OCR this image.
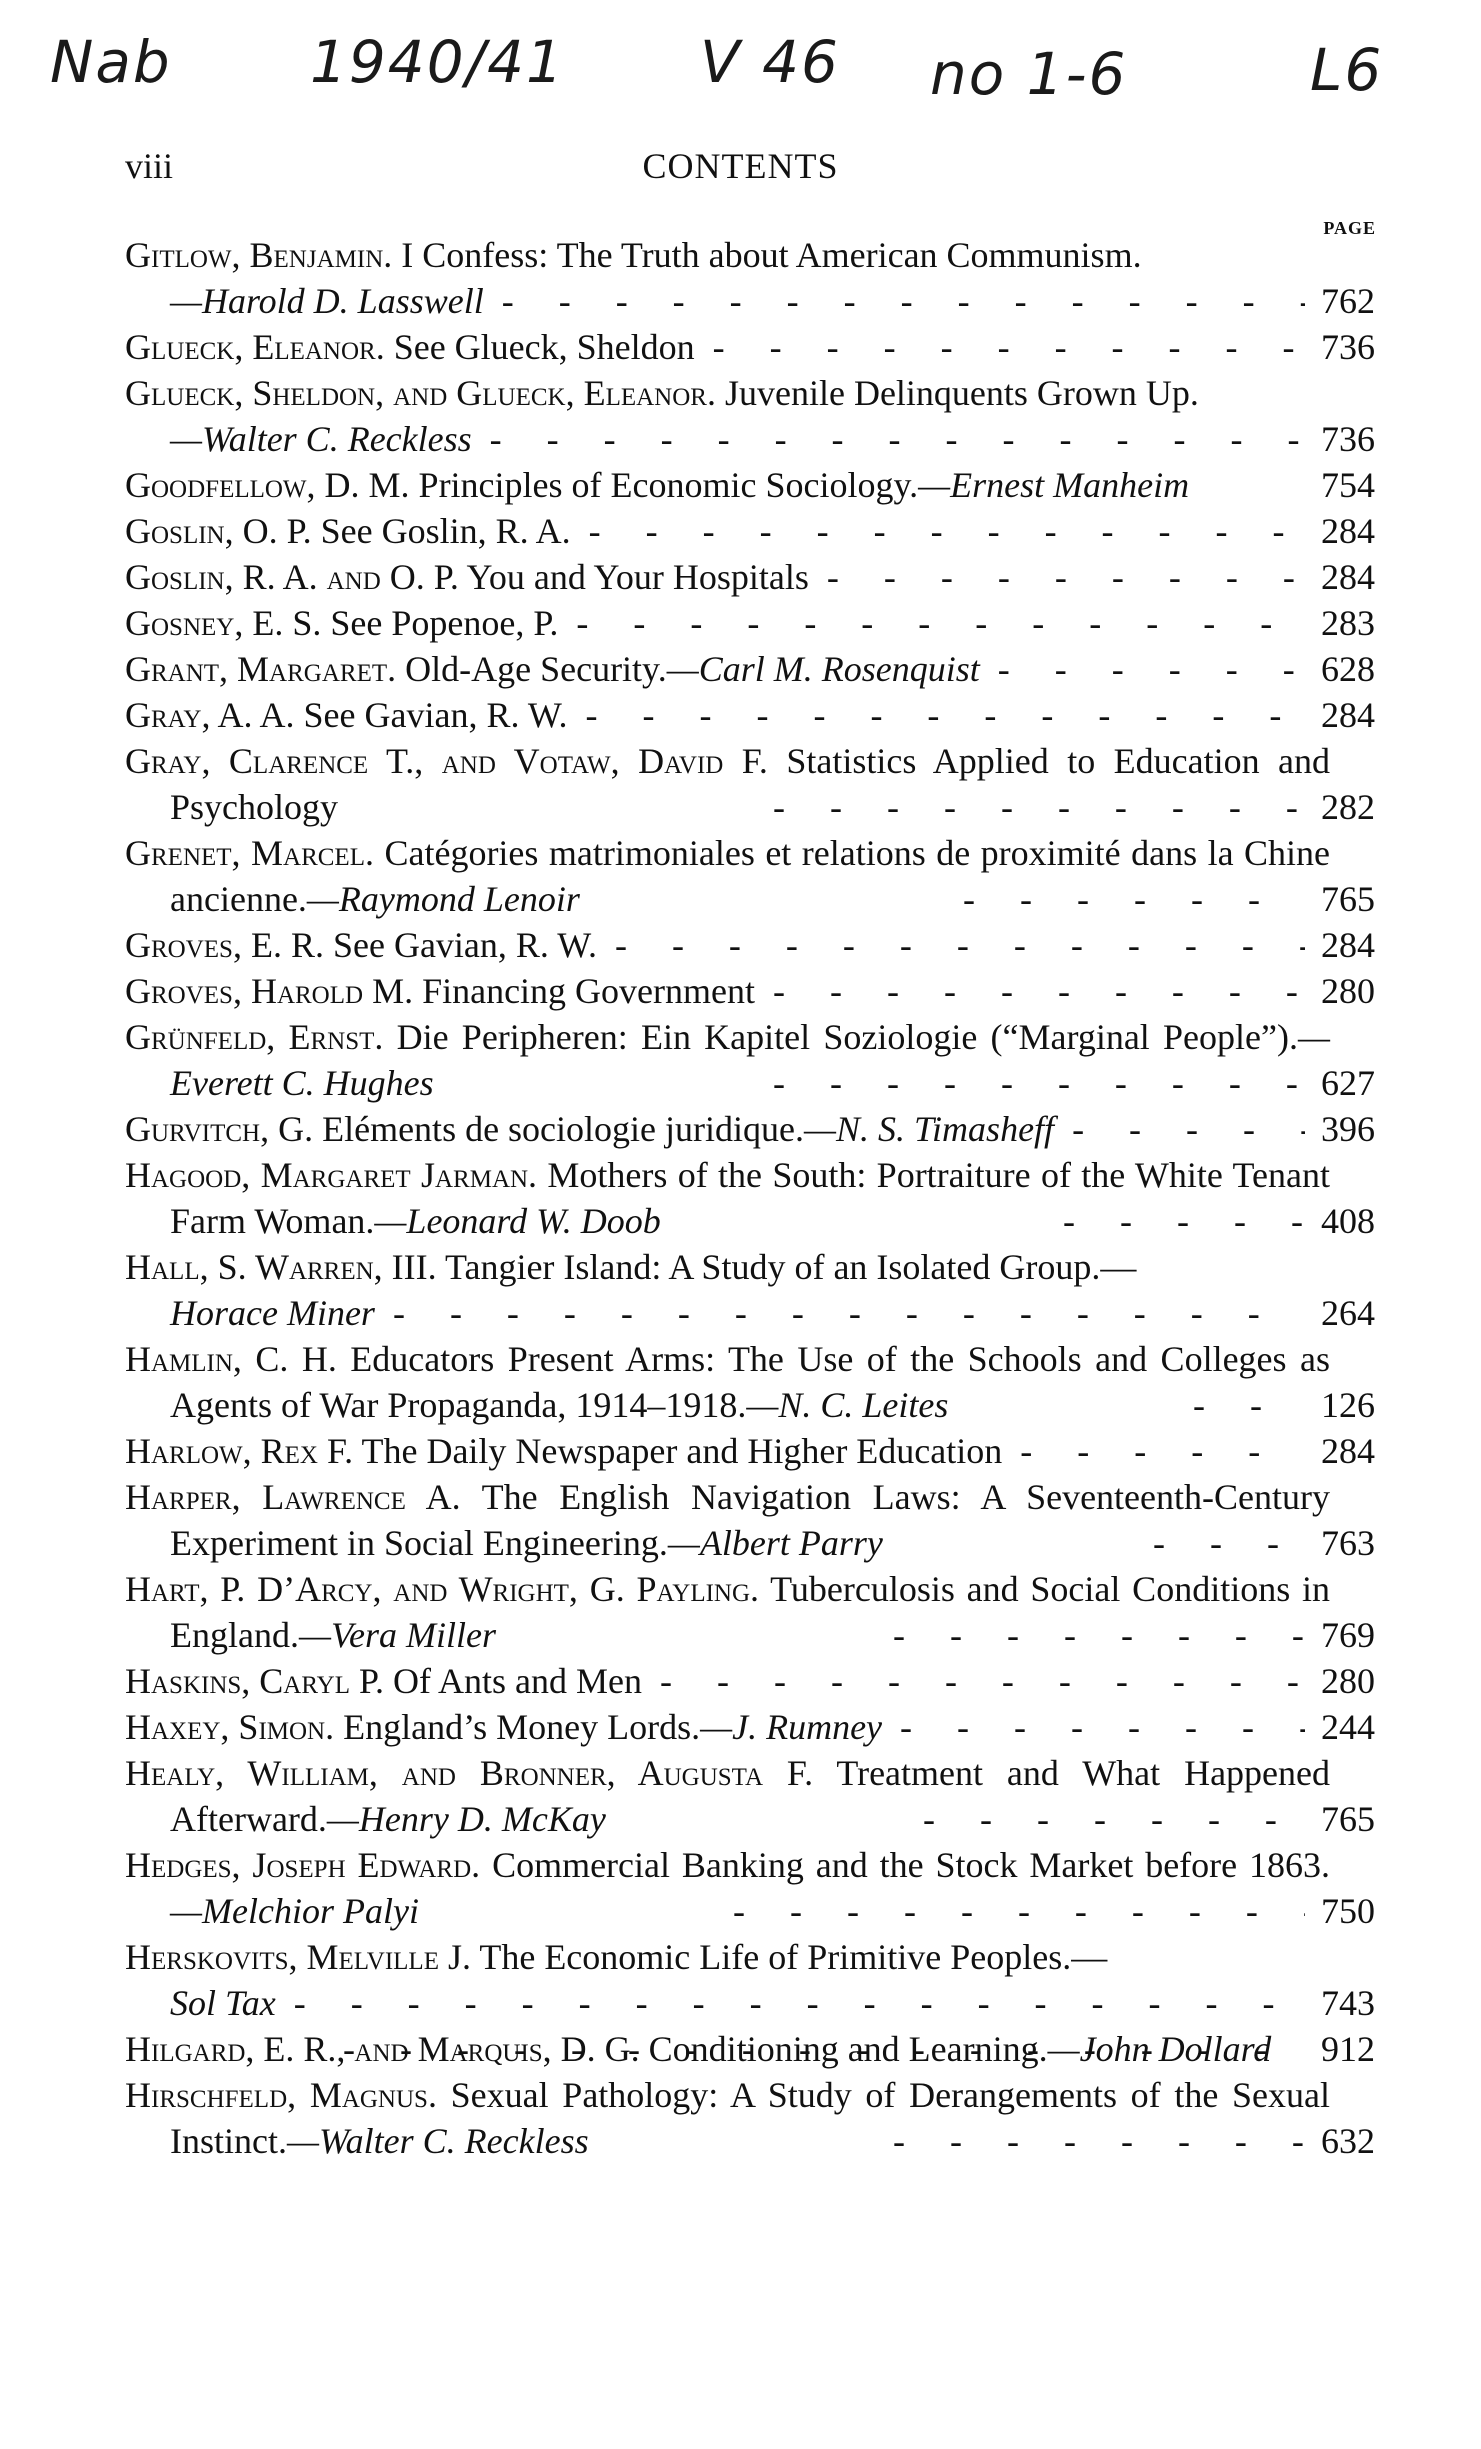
Nab 1940/41 V 46 no 1-6	L6
viii	CONTENTS
PAGE
Gitlow, Benjamin. I Confess: The Truth about American Communism.
—Harold D. Lasswell - - -	762
Glueck, Eleanor. See Glueck, Sheldon - - -	736
Glueck, Sheldon, and Glueck, Eleanor. Juvenile Delinquents Grown Up.
—Walter C. Reckless - - -	736
Goodfellow, D. M. Principles of Economic Sociology.—Ernest Manheim	754
Goslin, O. P. See Goslin, R. A. - - -	284
Goslin, R. A. and O. P. You and Your Hospitals - - -	284
Gosney, E. S. See Popenoe, P. - - -	283
Grant, Margaret. Old-Age Security.—Carl M. Rosenquist - - -	628
Gray, A. A. See Gavian, R. W. - - -	284
Gray, Clarence T., and Votaw, David F. Statistics Applied to Education and Psychology - - -	282
Grenet, Marcel. Catégories matrimoniales et relations de proximité dans la Chine ancienne.—Raymond Lenoir - - -	765
Groves, E. R. See Gavian, R. W. - - -	284
Groves, Harold M. Financing Government - - -	280
Grünfeld, Ernst. Die Peripheren: Ein Kapitel Soziologie (“Marginal People”).—Everett C. Hughes - - -	627
Gurvitch, G. Eléments de sociologie juridique.—N. S. Timasheff - - -	396
Hagood, Margaret Jarman. Mothers of the South: Portraiture of the White Tenant Farm Woman.—Leonard W. Doob - - -	408
Hall, S. Warren, III. Tangier Island: A Study of an Isolated Group.—
Horace Miner - - -	264
Hamlin, C. H. Educators Present Arms: The Use of the Schools and Colleges as Agents of War Propaganda, 1914–1918.—N. C. Leites - - -	126
Harlow, Rex F. The Daily Newspaper and Higher Education - - -	284
Harper, Lawrence A. The English Navigation Laws: A Seventeenth-Century Experiment in Social Engineering.—Albert Parry - - -	763
Hart, P. D’Arcy, and Wright, G. Payling. Tuberculosis and Social Conditions in England.—Vera Miller - - -	769
Haskins, Caryl P. Of Ants and Men - - -	280
Haxey, Simon. England’s Money Lords.—J. Rumney - - -	244
Healy, William, and Bronner, Augusta F. Treatment and What Happened Afterward.—Henry D. McKay - - -	765
Hedges, Joseph Edward. Commercial Banking and the Stock Market before 1863.—Melchior Palyi - - -	750
Herskovits, Melville J. The Economic Life of Primitive Peoples.—
Sol Tax - - -	743
Hilgard, E. R., and Marquis, D. G. Conditioning and Learning.—John Dollard - - -	912
Hirschfeld, Magnus. Sexual Pathology: A Study of Derangements of the Sexual Instinct.—Walter C. Reckless - - -	632
